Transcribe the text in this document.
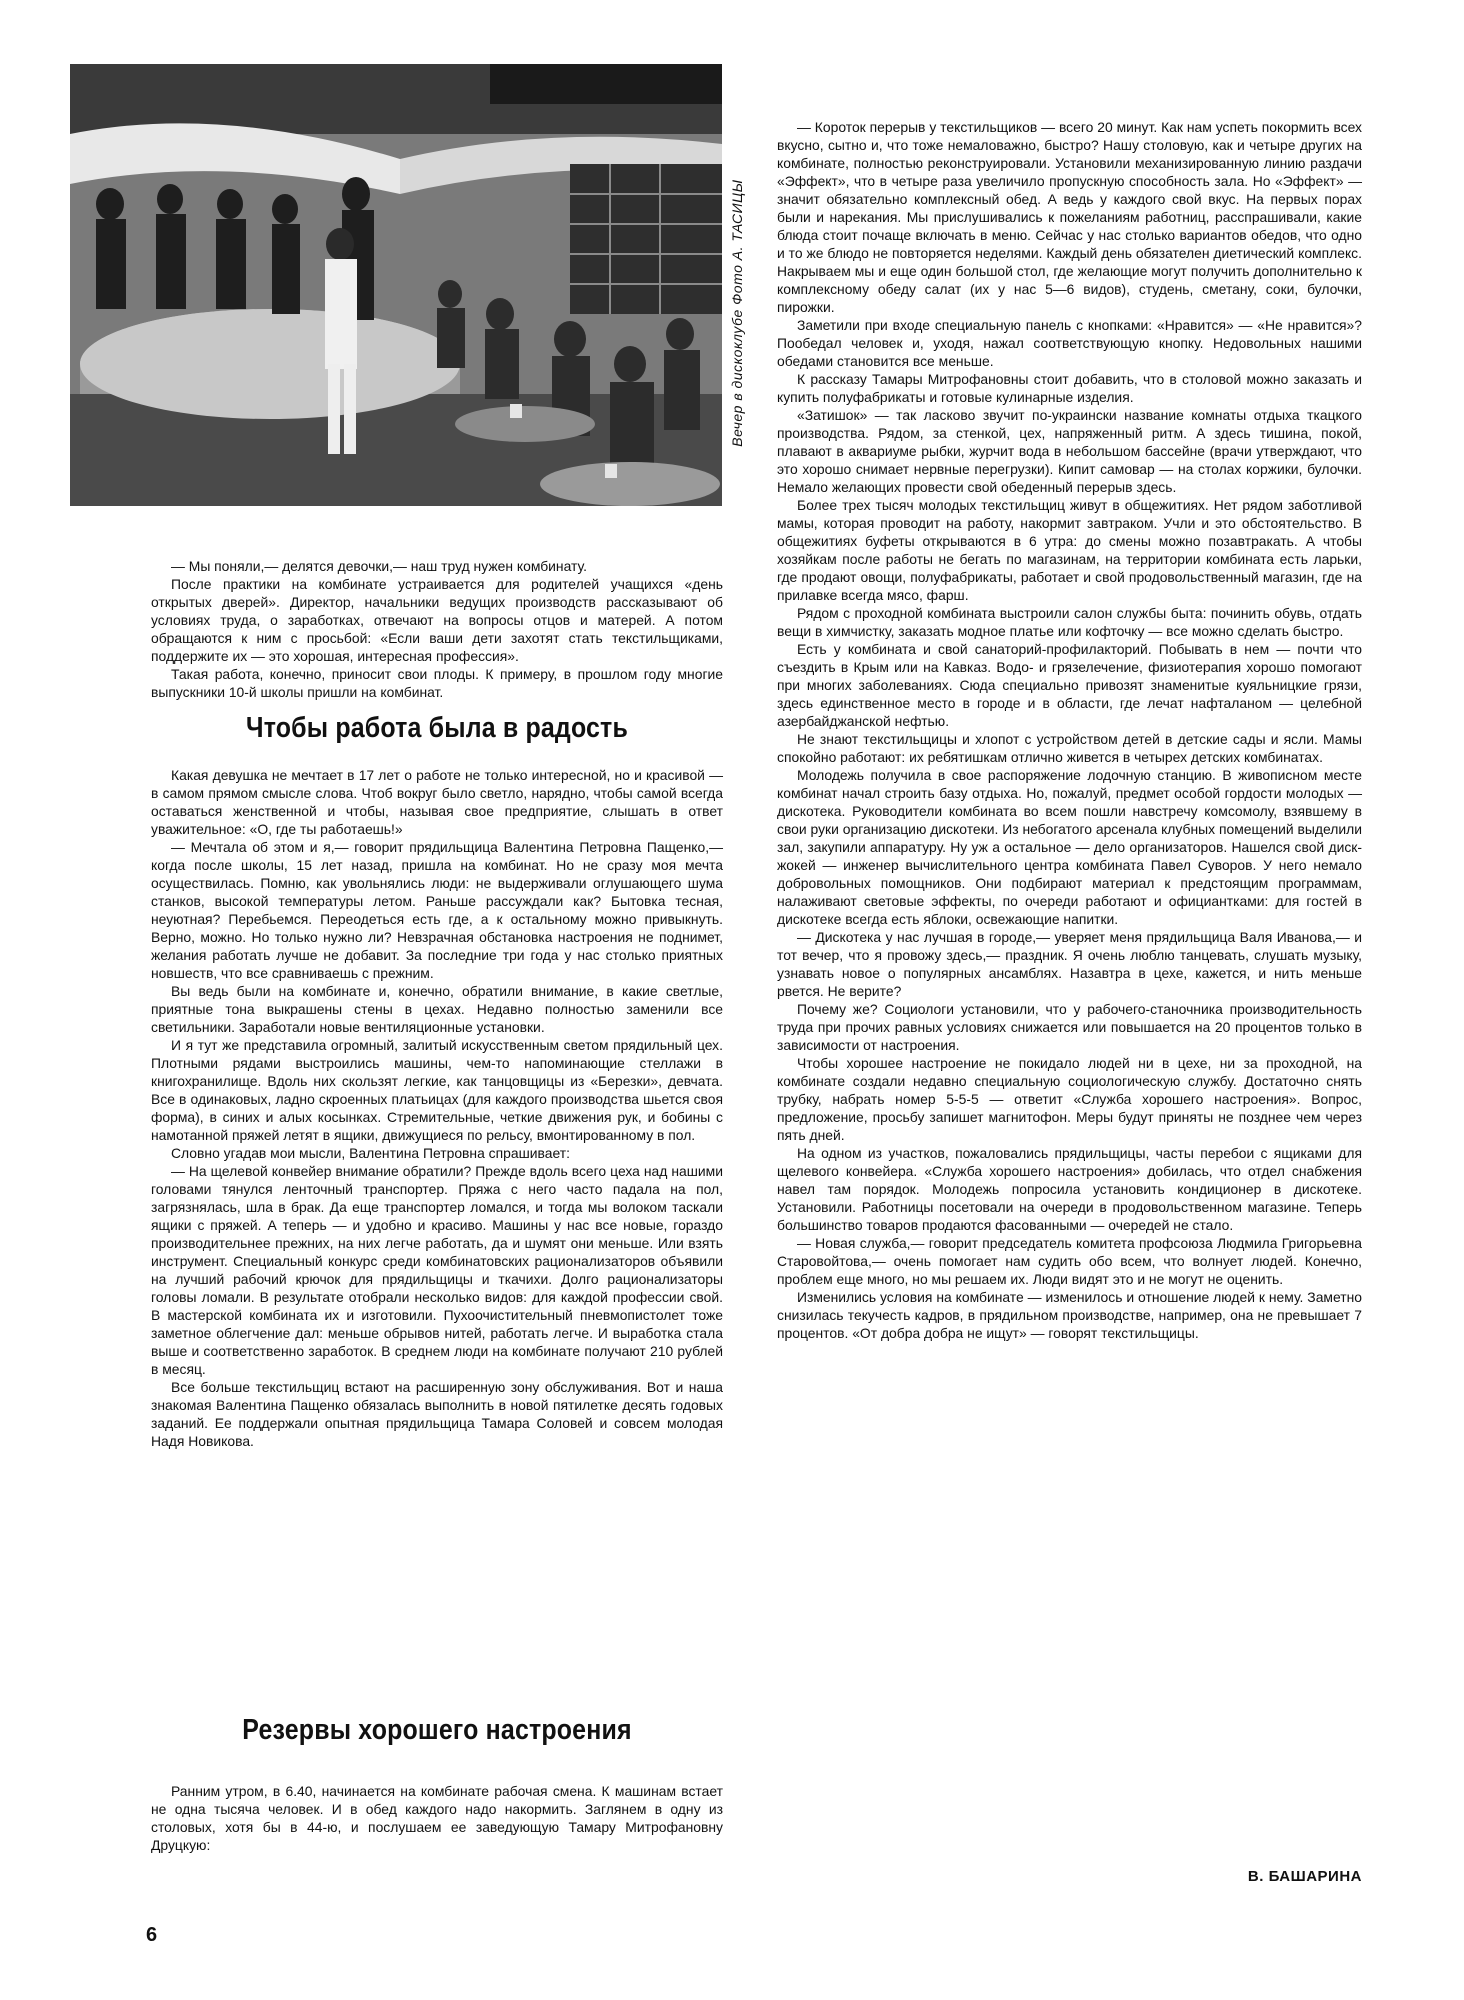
Вечер в дискоклубе Фото А. ТАСИЦЫ

— Мы поняли,— делятся девочки,— наш труд нужен комбинату.

После практики на комбинате устраивается для родителей учащихся «день открытых дверей». Директор, начальники ведущих производств рассказывают об условиях труда, о заработках, отвечают на вопросы отцов и матерей. А потом обращаются к ним с просьбой: «Если ваши дети захотят стать текстильщиками, поддержите их — это хорошая, интересная профессия».

Такая работа, конечно, приносит свои плоды. К примеру, в прошлом году многие выпускники 10-й школы пришли на комбинат.

Чтобы работа была в радость

Какая девушка не мечтает в 17 лет о работе не только интересной, но и красивой — в самом прямом смысле слова. Чтоб вокруг было светло, нарядно, чтобы самой всегда оставаться женственной и чтобы, называя свое предприятие, слышать в ответ уважительное: «О, где ты работаешь!»

— Мечтала об этом и я,— говорит прядильщица Валентина Петровна Пащенко,— когда после школы, 15 лет назад, пришла на комбинат. Но не сразу моя мечта осуществилась. Помню, как увольнялись люди: не выдерживали оглушающего шума станков, высокой температуры летом. Раньше рассуждали как? Бытовка тесная, неуютная? Перебьемся. Переодеться есть где, а к остальному можно привыкнуть. Верно, можно. Но только нужно ли? Невзрачная обстановка настроения не поднимет, желания работать лучше не добавит. За последние три года у нас столько приятных новшеств, что все сравниваешь с прежним.

Вы ведь были на комбинате и, конечно, обратили внимание, в какие светлые, приятные тона выкрашены стены в цехах. Недавно полностью заменили все светильники. Заработали новые вентиляционные установки.

И я тут же представила огромный, залитый искусственным светом прядильный цех. Плотными рядами выстроились машины, чем-то напоминающие стеллажи в книгохранилище. Вдоль них скользят легкие, как танцовщицы из «Березки», девчата. Все в одинаковых, ладно скроенных платьицах (для каждого производства шьется своя форма), в синих и алых косынках. Стремительные, четкие движения рук, и бобины с намотанной пряжей летят в ящики, движущиеся по рельсу, вмонтированному в пол.

Словно угадав мои мысли, Валентина Петровна спрашивает:

— На щелевой конвейер внимание обратили? Прежде вдоль всего цеха над нашими головами тянулся ленточный транспортер. Пряжа с него часто падала на пол, загрязнялась, шла в брак. Да еще транспортер ломался, и тогда мы волоком таскали ящики с пряжей. А теперь — и удобно и красиво. Машины у нас все новые, гораздо производительнее прежних, на них легче работать, да и шумят они меньше. Или взять инструмент. Специальный конкурс среди комбинатовских рационализаторов объявили на лучший рабочий крючок для прядильщицы и ткачихи. Долго рационализаторы головы ломали. В результате отобрали несколько видов: для каждой профессии свой. В мастерской комбината их и изготовили. Пухоочистительный пневмопистолет тоже заметное облегчение дал: меньше обрывов нитей, работать легче. И выработка стала выше и соответственно заработок. В среднем люди на комбинате получают 210 рублей в месяц.

Все больше текстильщиц встают на расширенную зону обслуживания. Вот и наша знакомая Валентина Пащенко обязалась выполнить в новой пятилетке десять годовых заданий. Ее поддержали опытная прядильщица Тамара Соловей и совсем молодая Надя Новикова.

Резервы хорошего настроения

Ранним утром, в 6.40, начинается на комбинате рабочая смена. К машинам встает не одна тысяча человек. И в обед каждого надо накормить. Заглянем в одну из столовых, хотя бы в 44-ю, и послушаем ее заведующую Тамару Митрофановну Друцкую:

— Короток перерыв у текстильщиков — всего 20 минут. Как нам успеть покормить всех вкусно, сытно и, что тоже немаловажно, быстро? Нашу столовую, как и четыре других на комбинате, полностью реконструировали. Установили механизированную линию раздачи «Эффект», что в четыре раза увеличило пропускную способность зала. Но «Эффект» — значит обязательно комплексный обед. А ведь у каждого свой вкус. На первых порах были и нарекания. Мы прислушивались к пожеланиям работниц, расспрашивали, какие блюда стоит почаще включать в меню. Сейчас у нас столько вариантов обедов, что одно и то же блюдо не повторяется неделями. Каждый день обязателен диетический комплекс. Накрываем мы и еще один большой стол, где желающие могут получить дополнительно к комплексному обеду салат (их у нас 5—6 видов), студень, сметану, соки, булочки, пирожки.

Заметили при входе специальную панель с кнопками: «Нравится» — «Не нравится»? Пообедал человек и, уходя, нажал соответствующую кнопку. Недовольных нашими обедами становится все меньше.

К рассказу Тамары Митрофановны стоит добавить, что в столовой можно заказать и купить полуфабрикаты и готовые кулинарные изделия.

«Затишок» — так ласково звучит по-украински название комнаты отдыха ткацкого производства. Рядом, за стенкой, цех, напряженный ритм. А здесь тишина, покой, плавают в аквариуме рыбки, журчит вода в небольшом бассейне (врачи утверждают, что это хорошо снимает нервные перегрузки). Кипит самовар — на столах коржики, булочки. Немало желающих провести свой обеденный перерыв здесь.

Более трех тысяч молодых текстильщиц живут в общежитиях. Нет рядом заботливой мамы, которая проводит на работу, накормит завтраком. Учли и это обстоятельство. В общежитиях буфеты открываются в 6 утра: до смены можно позавтракать. А чтобы хозяйкам после работы не бегать по магазинам, на территории комбината есть ларьки, где продают овощи, полуфабрикаты, работает и свой продовольственный магазин, где на прилавке всегда мясо, фарш.

Рядом с проходной комбината выстроили салон службы быта: починить обувь, отдать вещи в химчистку, заказать модное платье или кофточку — все можно сделать быстро.

Есть у комбината и свой санаторий-профилакторий. Побывать в нем — почти что съездить в Крым или на Кавказ. Водо- и грязелечение, физиотерапия хорошо помогают при многих заболеваниях. Сюда специально привозят знаменитые куяльницкие грязи, здесь единственное место в городе и в области, где лечат нафталаном — целебной азербайджанской нефтью.

Не знают текстильщицы и хлопот с устройством детей в детские сады и ясли. Мамы спокойно работают: их ребятишкам отлично живется в четырех детских комбинатах.

Молодежь получила в свое распоряжение лодочную станцию. В живописном месте комбинат начал строить базу отдыха. Но, пожалуй, предмет особой гордости молодых — дискотека. Руководители комбината во всем пошли навстречу комсомолу, взявшему в свои руки организацию дискотеки. Из небогатого арсенала клубных помещений выделили зал, закупили аппаратуру. Ну уж а остальное — дело организаторов. Нашелся свой диск-жокей — инженер вычислительного центра комбината Павел Суворов. У него немало добровольных помощников. Они подбирают материал к предстоящим программам, налаживают световые эффекты, по очереди работают и официантками: для гостей в дискотеке всегда есть яблоки, освежающие напитки.

— Дискотека у нас лучшая в городе,— уверяет меня прядильщица Валя Иванова,— и тот вечер, что я провожу здесь,— праздник. Я очень люблю танцевать, слушать музыку, узнавать новое о популярных ансамблях. Назавтра в цехе, кажется, и нить меньше рвется. Не верите?

Почему же? Социологи установили, что у рабочего-станочника производительность труда при прочих равных условиях снижается или повышается на 20 процентов только в зависимости от настроения.

Чтобы хорошее настроение не покидало людей ни в цехе, ни за проходной, на комбинате создали недавно специальную социологическую службу. Достаточно снять трубку, набрать номер 5-5-5 — ответит «Служба хорошего настроения». Вопрос, предложение, просьбу запишет магнитофон. Меры будут приняты не позднее чем через пять дней.

На одном из участков, пожаловались прядильщицы, часты перебои с ящиками для щелевого конвейера. «Служба хорошего настроения» добилась, что отдел снабжения навел там порядок. Молодежь попросила установить кондиционер в дискотеке. Установили. Работницы посетовали на очереди в продовольственном магазине. Теперь большинство товаров продаются фасованными — очередей не стало.

— Новая служба,— говорит председатель комитета профсоюза Людмила Григорьевна Старовойтова,— очень помогает нам судить обо всем, что волнует людей. Конечно, проблем еще много, но мы решаем их. Люди видят это и не могут не оценить.

Изменились условия на комбинате — изменилось и отношение людей к нему. Заметно снизилась текучесть кадров, в прядильном производстве, например, она не превышает 7 процентов. «От добра добра не ищут» — говорят текстильщицы.

В. БАШАРИНА
6
